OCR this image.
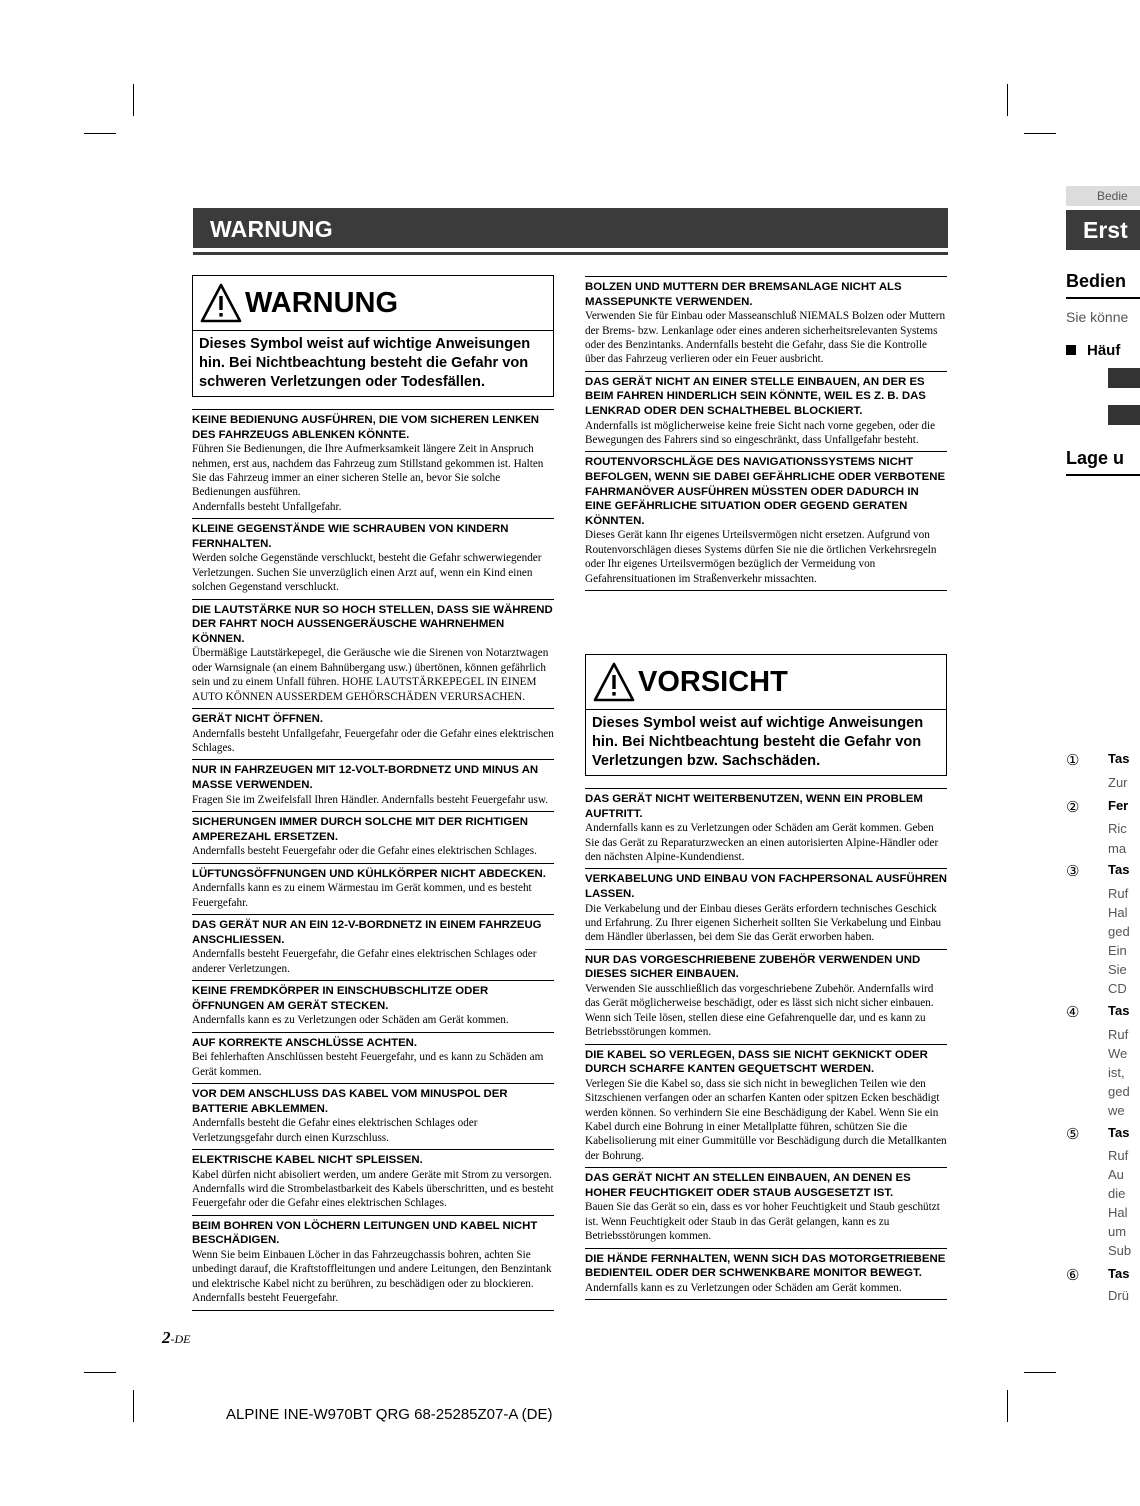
WARNUNG
WARNUNG
Dieses Symbol weist auf wichtige Anweisungen hin. Bei Nichtbeachtung besteht die Gefahr von schweren Verletzungen oder Todesfällen.
KEINE BEDIENUNG AUSFÜHREN, DIE VOM SICHEREN LENKEN DES FAHRZEUGS ABLENKEN KÖNNTE.

Führen Sie Bedienungen, die Ihre Aufmerksamkeit längere Zeit in Anspruch nehmen, erst aus, nachdem das Fahrzeug zum Stillstand gekommen ist. Halten Sie das Fahrzeug immer an einer sicheren Stelle an, bevor Sie solche Bedienungen ausführen.

Andernfalls besteht Unfallgefahr.

KLEINE GEGENSTÄNDE WIE SCHRAUBEN VON KINDERN FERNHALTEN.

Werden solche Gegenstände verschluckt, besteht die Gefahr schwerwiegender Verletzungen. Suchen Sie unverzüglich einen Arzt auf, wenn ein Kind einen solchen Gegenstand verschluckt.

DIE LAUTSTÄRKE NUR SO HOCH STELLEN, DASS SIE WÄHREND DER FAHRT NOCH AUSSENGERÄUSCHE WAHRNEHMEN KÖNNEN.

Übermäßige Lautstärkepegel, die Geräusche wie die Sirenen von Notarztwagen oder Warnsignale (an einem Bahnübergang usw.) übertönen, können gefährlich sein und zu einem Unfall führen. HOHE LAUTSTÄRKEPEGEL IN EINEM AUTO KÖNNEN AUSSERDEM GEHÖRSCHÄDEN VERURSACHEN.

GERÄT NICHT ÖFFNEN.

Andernfalls besteht Unfallgefahr, Feuergefahr oder die Gefahr eines elektrischen Schlages.

NUR IN FAHRZEUGEN MIT 12-VOLT-BORDNETZ UND MINUS AN MASSE VERWENDEN.

Fragen Sie im Zweifelsfall Ihren Händler. Andernfalls besteht Feuergefahr usw.

SICHERUNGEN IMMER DURCH SOLCHE MIT DER RICHTIGEN AMPEREZAHL ERSETZEN.

Andernfalls besteht Feuergefahr oder die Gefahr eines elektrischen Schlages.

LÜFTUNGSÖFFNUNGEN UND KÜHLKÖRPER NICHT ABDECKEN.

Andernfalls kann es zu einem Wärmestau im Gerät kommen, und es besteht Feuergefahr.

DAS GERÄT NUR AN EIN 12-V-BORDNETZ IN EINEM FAHRZEUG ANSCHLIESSEN.

Andernfalls besteht Feuergefahr, die Gefahr eines elektrischen Schlages oder anderer Verletzungen.

KEINE FREMDKÖRPER IN EINSCHUBSCHLITZE ODER ÖFFNUNGEN AM GERÄT STECKEN.

Andernfalls kann es zu Verletzungen oder Schäden am Gerät kommen.

AUF KORREKTE ANSCHLÜSSE ACHTEN.

Bei fehlerhaften Anschlüssen besteht Feuergefahr, und es kann zu Schäden am Gerät kommen.

VOR DEM ANSCHLUSS DAS KABEL VOM MINUSPOL DER BATTERIE ABKLEMMEN.

Andernfalls besteht die Gefahr eines elektrischen Schlages oder Verletzungsgefahr durch einen Kurzschluss.

ELEKTRISCHE KABEL NICHT SPLEISSEN.

Kabel dürfen nicht abisoliert werden, um andere Geräte mit Strom zu versorgen. Andernfalls wird die Strombelastbarkeit des Kabels überschritten, und es besteht Feuergefahr oder die Gefahr eines elektrischen Schlages.

BEIM BOHREN VON LÖCHERN LEITUNGEN UND KABEL NICHT BESCHÄDIGEN.

Wenn Sie beim Einbauen Löcher in das Fahrzeugchassis bohren, achten Sie unbedingt darauf, die Kraftstoffleitungen und andere Leitungen, den Benzintank und elektrische Kabel nicht zu berühren, zu beschädigen oder zu blockieren. Andernfalls besteht Feuergefahr.

BOLZEN UND MUTTERN DER BREMSANLAGE NICHT ALS MASSEPUNKTE VERWENDEN.

Verwenden Sie für Einbau oder Masseanschluß NIEMALS Bolzen oder Muttern der Brems- bzw. Lenkanlage oder eines anderen sicherheitsrelevanten Systems oder des Benzintanks. Andernfalls besteht die Gefahr, dass Sie die Kontrolle über das Fahrzeug verlieren oder ein Feuer ausbricht.

DAS GERÄT NICHT AN EINER STELLE EINBAUEN, AN DER ES BEIM FAHREN HINDERLICH SEIN KÖNNTE, WEIL ES Z. B. DAS LENKRAD ODER DEN SCHALTHEBEL BLOCKIERT.

Andernfalls ist möglicherweise keine freie Sicht nach vorne gegeben, oder die Bewegungen des Fahrers sind so eingeschränkt, dass Unfallgefahr besteht.

ROUTENVORSCHLÄGE DES NAVIGATIONSSYSTEMS NICHT BEFOLGEN, WENN SIE DABEI GEFÄHRLICHE ODER VERBOTENE FAHRMANÖVER AUSFÜHREN MÜSSTEN ODER DADURCH IN EINE GEFÄHRLICHE SITUATION ODER GEGEND GERATEN KÖNNTEN.

Dieses Gerät kann Ihr eigenes Urteilsvermögen nicht ersetzen. Aufgrund von Routenvorschlägen dieses Systems dürfen Sie nie die örtlichen Verkehrsregeln oder Ihr eigenes Urteilsvermögen bezüglich der Vermeidung von Gefahrensituationen im Straßenverkehr missachten.

VORSICHT
Dieses Symbol weist auf wichtige Anweisungen hin. Bei Nichtbeachtung besteht die Gefahr von Verletzungen bzw. Sachschäden.
DAS GERÄT NICHT WEITERBENUTZEN, WENN EIN PROBLEM AUFTRITT.

Andernfalls kann es zu Verletzungen oder Schäden am Gerät kommen. Geben Sie das Gerät zu Reparaturzwecken an einen autorisierten Alpine-Händler oder den nächsten Alpine-Kundendienst.

VERKABELUNG UND EINBAU VON FACHPERSONAL AUSFÜHREN LASSEN.

Die Verkabelung und der Einbau dieses Geräts erfordern technisches Geschick und Erfahrung. Zu Ihrer eigenen Sicherheit sollten Sie Verkabelung und Einbau dem Händler überlassen, bei dem Sie das Gerät erworben haben.

NUR DAS VORGESCHRIEBENE ZUBEHÖR VERWENDEN UND DIESES SICHER EINBAUEN.

Verwenden Sie ausschließlich das vorgeschriebene Zubehör. Andernfalls wird das Gerät möglicherweise beschädigt, oder es lässt sich nicht sicher einbauen. Wenn sich Teile lösen, stellen diese eine Gefahrenquelle dar, und es kann zu Betriebsstörungen kommen.

DIE KABEL SO VERLEGEN, DASS SIE NICHT GEKNICKT ODER DURCH SCHARFE KANTEN GEQUETSCHT WERDEN.

Verlegen Sie die Kabel so, dass sie sich nicht in beweglichen Teilen wie den Sitzschienen verfangen oder an scharfen Kanten oder spitzen Ecken beschädigt werden können. So verhindern Sie eine Beschädigung der Kabel. Wenn Sie ein Kabel durch eine Bohrung in einer Metallplatte führen, schützen Sie die Kabelisolierung mit einer Gummitülle vor Beschädigung durch die Metallkanten der Bohrung.

DAS GERÄT NICHT AN STELLEN EINBAUEN, AN DENEN ES HOHER FEUCHTIGKEIT ODER STAUB AUSGESETZT IST.

Bauen Sie das Gerät so ein, dass es vor hoher Feuchtigkeit und Staub geschützt ist. Wenn Feuchtigkeit oder Staub in das Gerät gelangen, kann es zu Betriebsstörungen kommen.

DIE HÄNDE FERNHALTEN, WENN SICH DAS MOTORGETRIEBENE BEDIENTEIL ODER DER SCHWENKBARE MONITOR BEWEGT.

Andernfalls kann es zu Verletzungen oder Schäden am Gerät kommen.

2-DE
ALPINE INE-W970BT QRG 68-25285Z07-A (DE)
Bedie
Erst
Bedien
Sie könne
Häuf
Lage u
① Tas
Zur
② Fer
Ric
ma
③ Tas
Ruf
Hal
ged
Ein
Sie
CD
④ Tas
Ruf
We
ist,
ged
we
⑤ Tas
Ruf
Au
die
Hal
um
Sub
⑥ Tas
Drü
